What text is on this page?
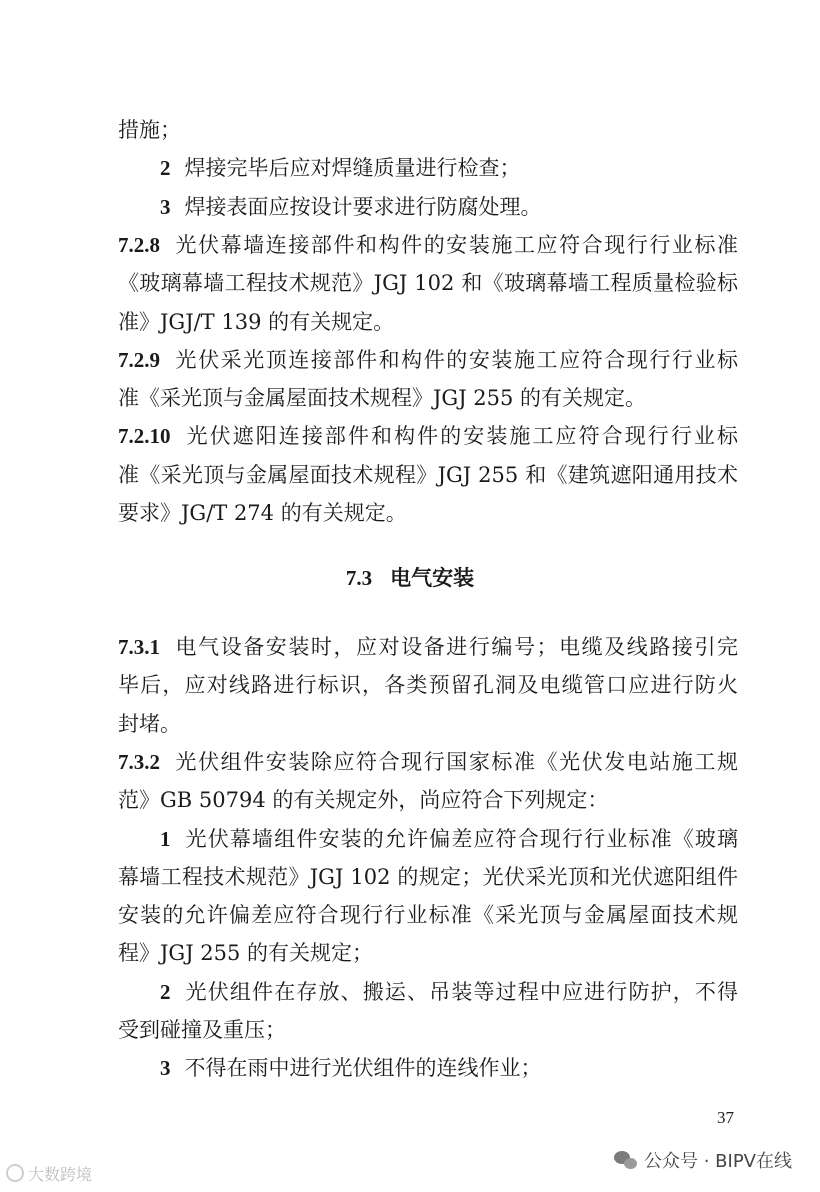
措施；
2 焊接完毕后应对焊缝质量进行检查；
3 焊接表面应按设计要求进行防腐处理。
7.2.8 光伏幕墙连接部件和构件的安装施工应符合现行行业标准
《玻璃幕墙工程技术规范》JGJ 102 和《玻璃幕墙工程质量检验标
准》JGJ/T 139 的有关规定。
7.2.9 光伏采光顶连接部件和构件的安装施工应符合现行行业标
准《采光顶与金属屋面技术规程》JGJ 255 的有关规定。
7.2.10 光伏遮阳连接部件和构件的安装施工应符合现行行业标
准《采光顶与金属屋面技术规程》JGJ 255 和《建筑遮阳通用技术
要求》JG/T 274 的有关规定。
7.3 电气安装
7.3.1 电气设备安装时，应对设备进行编号；电缆及线路接引完
毕后，应对线路进行标识，各类预留孔洞及电缆管口应进行防火
封堵。
7.3.2 光伏组件安装除应符合现行国家标准《光伏发电站施工规
范》GB 50794 的有关规定外，尚应符合下列规定：
1 光伏幕墙组件安装的允许偏差应符合现行行业标准《玻璃
幕墙工程技术规范》JGJ 102 的规定；光伏采光顶和光伏遮阳组件
安装的允许偏差应符合现行行业标准《采光顶与金属屋面技术规
程》JGJ 255 的有关规定；
2 光伏组件在存放、搬运、吊装等过程中应进行防护，不得
受到碰撞及重压；
3 不得在雨中进行光伏组件的连线作业；
37
公众号 · BIPV在线
大数跨境
